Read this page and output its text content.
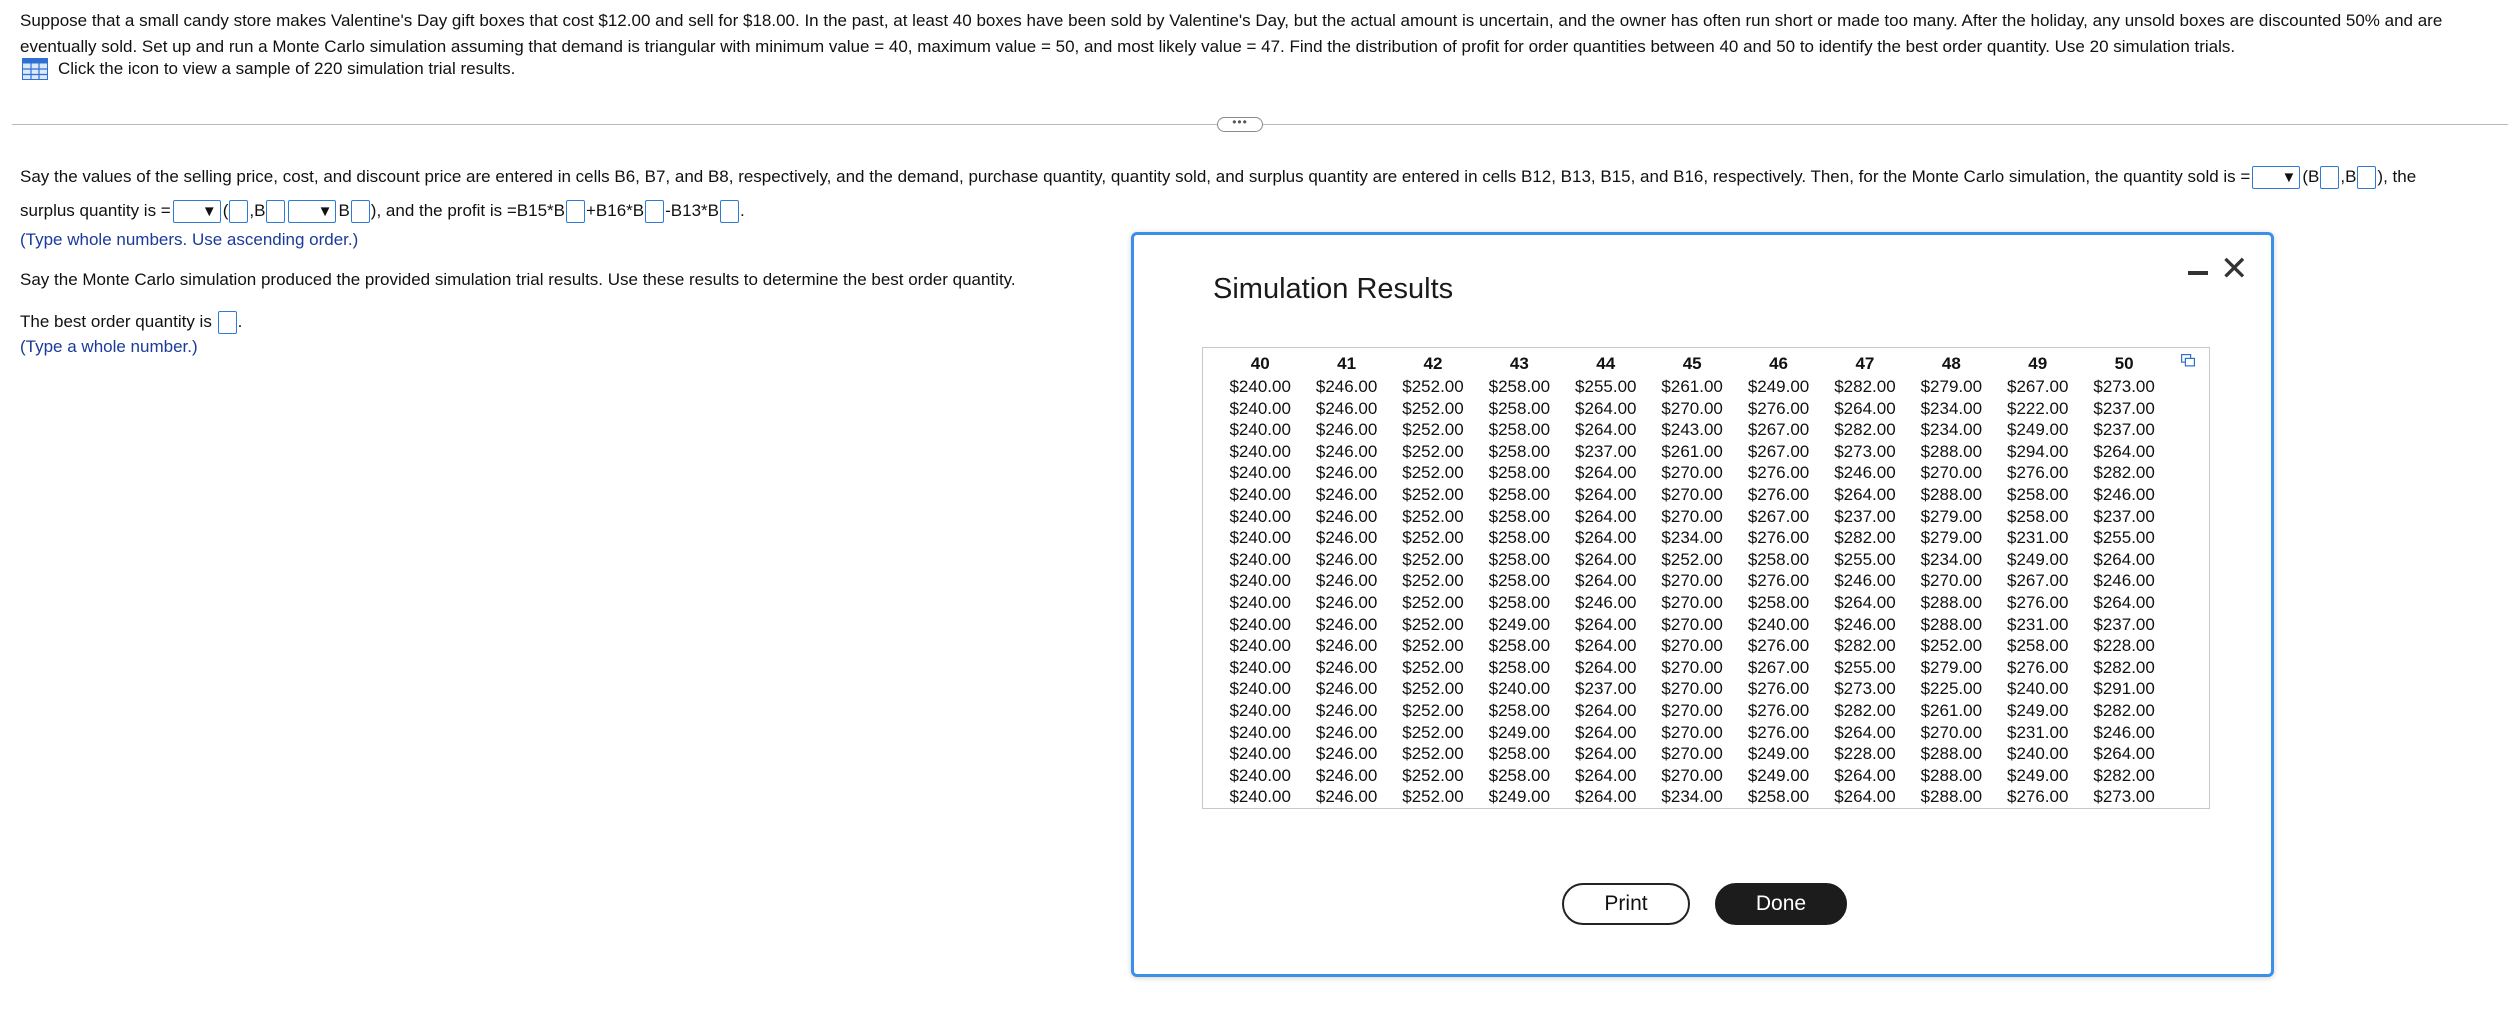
Suppose that a small candy store makes Valentine's Day gift boxes that cost $12.00 and sell for $18.00. In the past, at least 40 boxes have been sold by Valentine's Day, but the actual amount is uncertain, and the owner has often run short or made too many. After the holiday, any unsold boxes are discounted 50% and are eventually sold. Set up and run a Monte Carlo simulation assuming that demand is triangular with minimum value = 40, maximum value = 50, and most likely value = 47. Find the distribution of profit for order quantities between 40 and 50 to identify the best order quantity. Use 20 simulation trials.
Click the icon to view a sample of 220 simulation trial results.
•••
Say the values of the selling price, cost, and discount price are entered in cells B6, B7, and B8, respectively, and the demand, purchase quantity, quantity sold, and surplus quantity are entered in cells B12, B13, B15, and B16, respectively. Then, for the Monte Carlo simulation, the quantity sold is = ▼	(B ,B ), the
surplus quantity is = ▼	( ,B ▼	B ), and the profit is =B15*B +B16*B -B13*B .
(Type whole numbers. Use ascending order.)
Say the Monte Carlo simulation produced the provided simulation trial results. Use these results to determine the best order quantity.
The best order quantity is .
(Type a whole number.)
Simulation Results
✕
40	41	42	43	44	45	46	47	48	49	50
$240.00	$246.00	$252.00	$258.00	$255.00	$261.00	$249.00	$282.00	$279.00	$267.00	$273.00
$240.00	$246.00	$252.00	$258.00	$264.00	$270.00	$276.00	$264.00	$234.00	$222.00	$237.00
$240.00	$246.00	$252.00	$258.00	$264.00	$243.00	$267.00	$282.00	$234.00	$249.00	$237.00
$240.00	$246.00	$252.00	$258.00	$237.00	$261.00	$267.00	$273.00	$288.00	$294.00	$264.00
$240.00	$246.00	$252.00	$258.00	$264.00	$270.00	$276.00	$246.00	$270.00	$276.00	$282.00
$240.00	$246.00	$252.00	$258.00	$264.00	$270.00	$276.00	$264.00	$288.00	$258.00	$246.00
$240.00	$246.00	$252.00	$258.00	$264.00	$270.00	$267.00	$237.00	$279.00	$258.00	$237.00
$240.00	$246.00	$252.00	$258.00	$264.00	$234.00	$276.00	$282.00	$279.00	$231.00	$255.00
$240.00	$246.00	$252.00	$258.00	$264.00	$252.00	$258.00	$255.00	$234.00	$249.00	$264.00
$240.00	$246.00	$252.00	$258.00	$264.00	$270.00	$276.00	$246.00	$270.00	$267.00	$246.00
$240.00	$246.00	$252.00	$258.00	$246.00	$270.00	$258.00	$264.00	$288.00	$276.00	$264.00
$240.00	$246.00	$252.00	$249.00	$264.00	$270.00	$240.00	$246.00	$288.00	$231.00	$237.00
$240.00	$246.00	$252.00	$258.00	$264.00	$270.00	$276.00	$282.00	$252.00	$258.00	$228.00
$240.00	$246.00	$252.00	$258.00	$264.00	$270.00	$267.00	$255.00	$279.00	$276.00	$282.00
$240.00	$246.00	$252.00	$240.00	$237.00	$270.00	$276.00	$273.00	$225.00	$240.00	$291.00
$240.00	$246.00	$252.00	$258.00	$264.00	$270.00	$276.00	$282.00	$261.00	$249.00	$282.00
$240.00	$246.00	$252.00	$249.00	$264.00	$270.00	$276.00	$264.00	$270.00	$231.00	$246.00
$240.00	$246.00	$252.00	$258.00	$264.00	$270.00	$249.00	$228.00	$288.00	$240.00	$264.00
$240.00	$246.00	$252.00	$258.00	$264.00	$270.00	$249.00	$264.00	$288.00	$249.00	$282.00
$240.00	$246.00	$252.00	$249.00	$264.00	$234.00	$258.00	$264.00	$288.00	$276.00	$273.00
Print	Done
